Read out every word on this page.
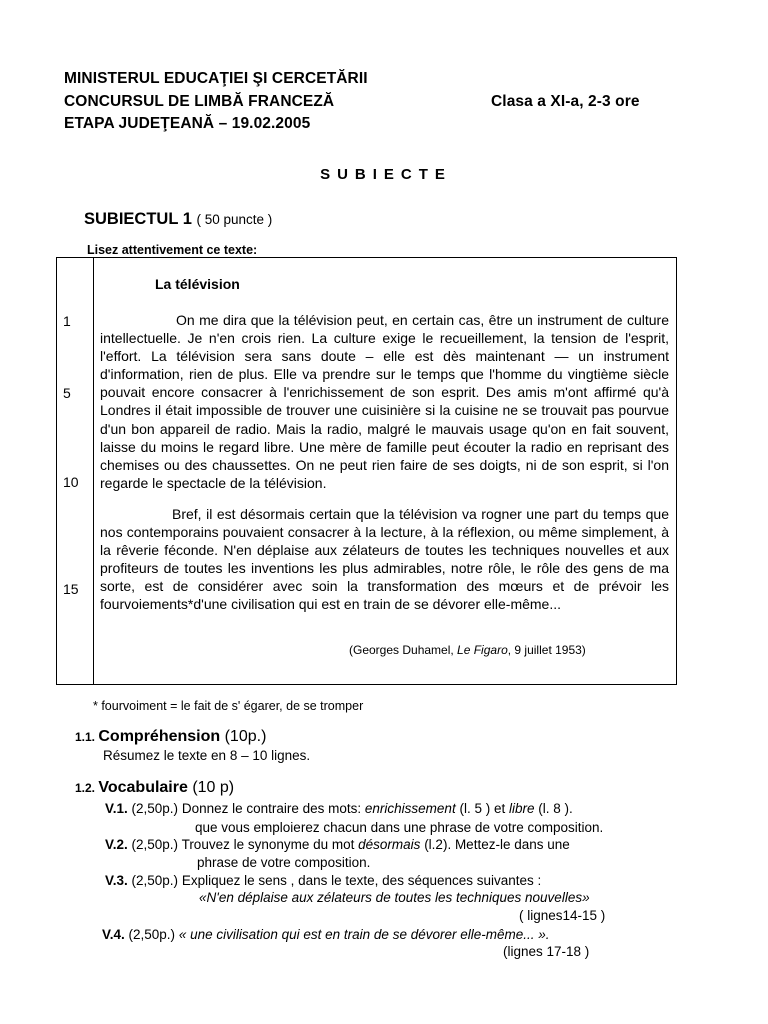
MINISTERUL EDUCAŢIEI ŞI CERCETĂRII
CONCURSUL DE LIMBĂ FRANCEZĂ
ETAPA JUDEŢEANĂ – 19.02.2005
Clasa a XI-a, 2-3 ore
SUBIECTE
SUBIECTUL 1 ( 50 puncte )
Lisez attentivement ce texte:
1
5
10
15
La télévision

On me dira que la télévision peut, en certain cas, être un instrument de culture intellectuelle. Je n'en crois rien. La culture exige le recueillement, la tension de l'esprit, l'effort. La télévision sera sans doute – elle est dès maintenant — un instrument d'information, rien de plus. Elle va prendre sur le temps que l'homme du vingtième siècle pouvait encore consacrer à l'enrichissement de son esprit. Des amis m'ont affirmé qu'à Londres il était impossible de trouver une cuisinière si la cuisine ne se trouvait pas pourvue d'un bon appareil de radio. Mais la radio, malgré le mauvais usage qu'on en fait souvent, laisse du moins le regard libre. Une mère de famille peut écouter la radio en reprisant des chemises ou des chaussettes. On ne peut rien faire de ses doigts, ni de son esprit, si l'on regarde le spectacle de la télévision.

Bref, il est désormais certain que la télévision va rogner une part du temps que nos contemporains pouvaient consacrer à la lecture, à la réflexion, ou même simplement, à la rêverie féconde. N'en déplaise aux zélateurs de toutes les techniques nouvelles et aux profiteurs de toutes les inventions les plus admirables, notre rôle, le rôle des gens de ma sorte, est de considérer avec soin la transformation des mœurs et de prévoir les fourvoiements*d'une civilisation qui est en train de se dévorer elle-même...

(Georges Duhamel, Le Figaro, 9 juillet 1953)
* fourvoiment = le fait de s' égarer, de se tromper
1.1. Compréhension (10p.)
Résumez le texte en 8 – 10 lignes.
1.2. Vocabulaire (10 p)
V.1. (2,50p.) Donnez le contraire des mots: enrichissement (l. 5 ) et libre (l. 8 ).
que vous emploierez chacun dans une phrase de votre composition.
V.2. (2,50p.) Trouvez le synonyme du mot désormais (l.2). Mettez-le dans une
phrase de votre composition.
V.3. (2,50p.) Expliquez le sens , dans le texte, des séquences suivantes :
«N'en déplaise aux zélateurs de toutes les techniques nouvelles»
( lignes14-15 )
V.4. (2,50p.) « une civilisation qui est en train de se dévorer elle-même... ».
(lignes 17-18 )
